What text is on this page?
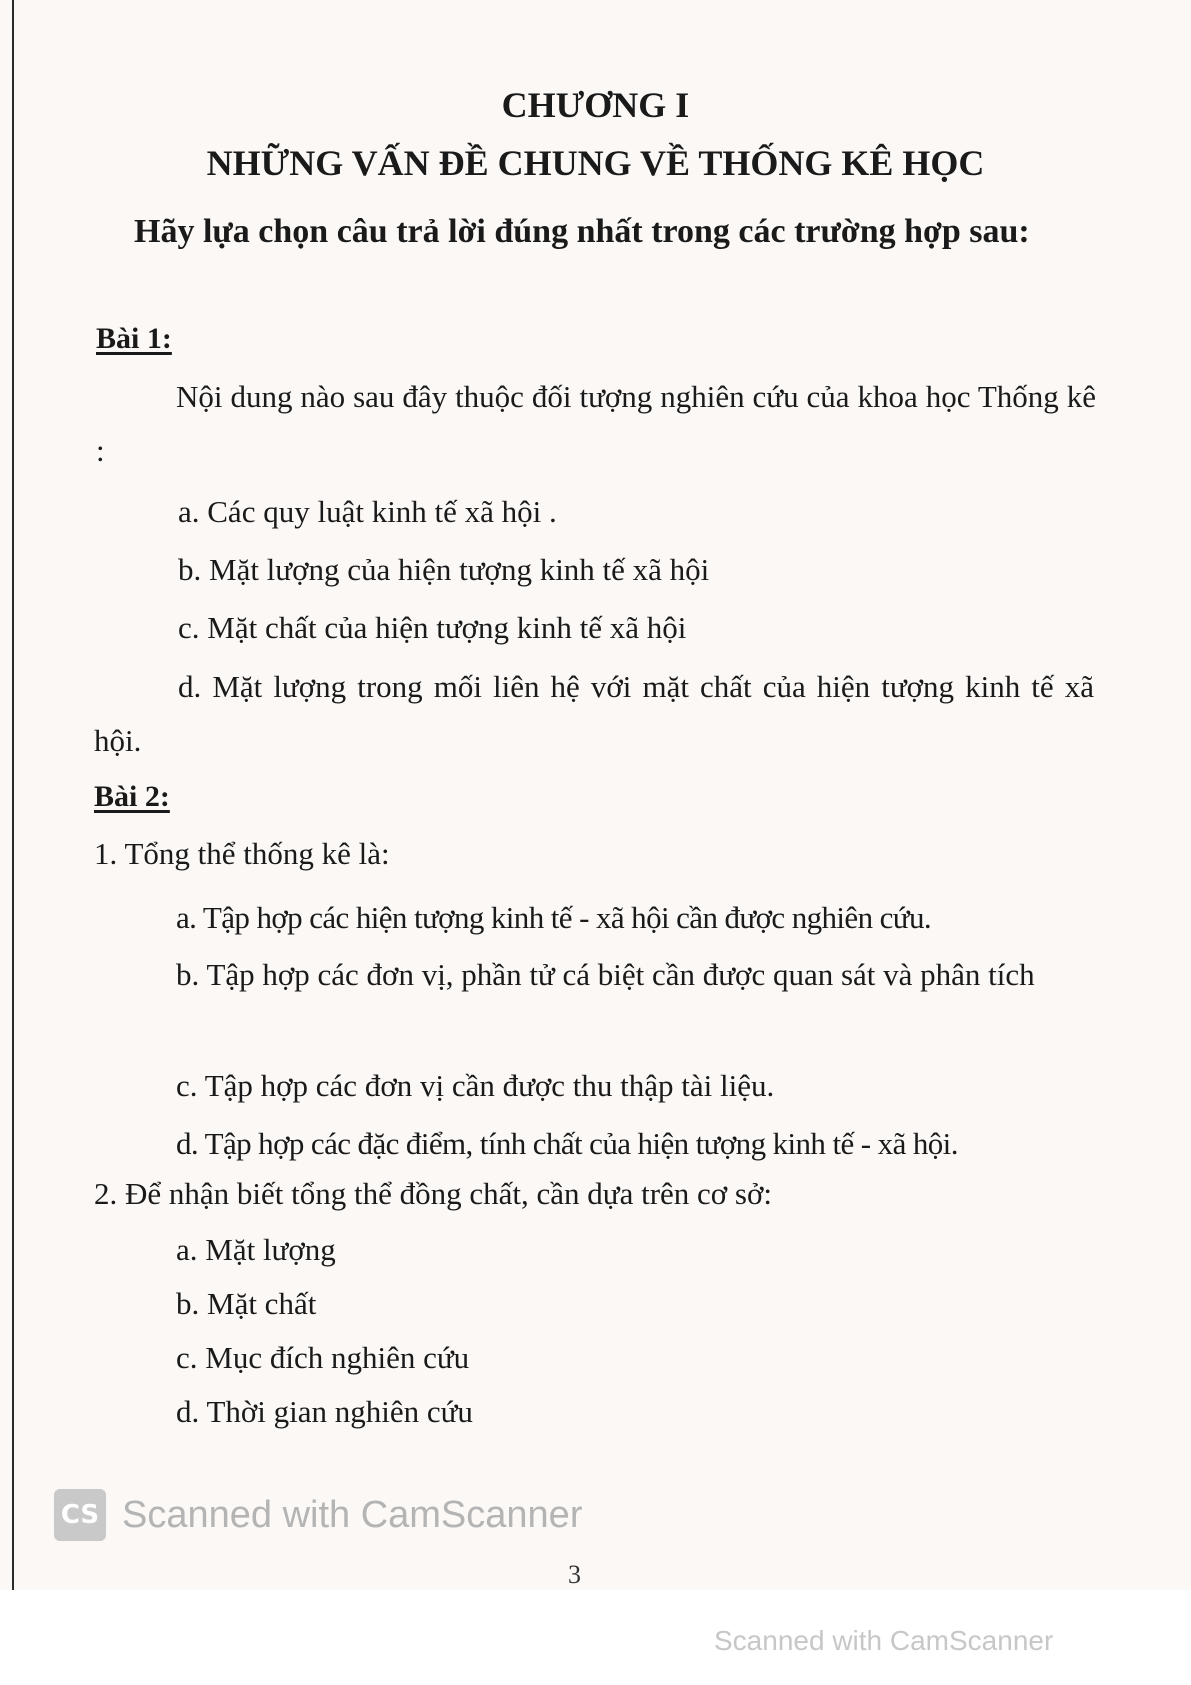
CHƯƠNG I
NHỮNG VẤN ĐỀ CHUNG VỀ THỐNG KÊ HỌC
Hãy lựa chọn câu trả lời đúng nhất trong các trường hợp sau:
Bài 1:
Nội dung nào sau đây thuộc đối tượng nghiên cứu của khoa học Thống kê :
a. Các quy luật kinh tế xã hội .
b. Mặt lượng của hiện tượng kinh tế xã hội
c. Mặt chất của hiện tượng kinh tế xã hội
d. Mặt lượng trong mối liên hệ với mặt chất của hiện tượng kinh tế xã hội.
Bài 2:
1. Tổng thể thống kê là:
a. Tập hợp các hiện tượng kinh tế - xã hội cần được nghiên cứu.
b. Tập hợp các đơn vị, phần tử cá biệt cần được quan sát và phân tích
c. Tập hợp các đơn vị cần được thu thập tài liệu.
d. Tập hợp các đặc điểm, tính chất của hiện tượng kinh tế - xã hội.
2. Để nhận biết tổng thể đồng chất, cần dựa trên cơ sở:
a. Mặt lượng
b. Mặt chất
c. Mục đích nghiên cứu
d. Thời gian nghiên cứu
CS Scanned with CamScanner
3
Scanned with CamScanner
